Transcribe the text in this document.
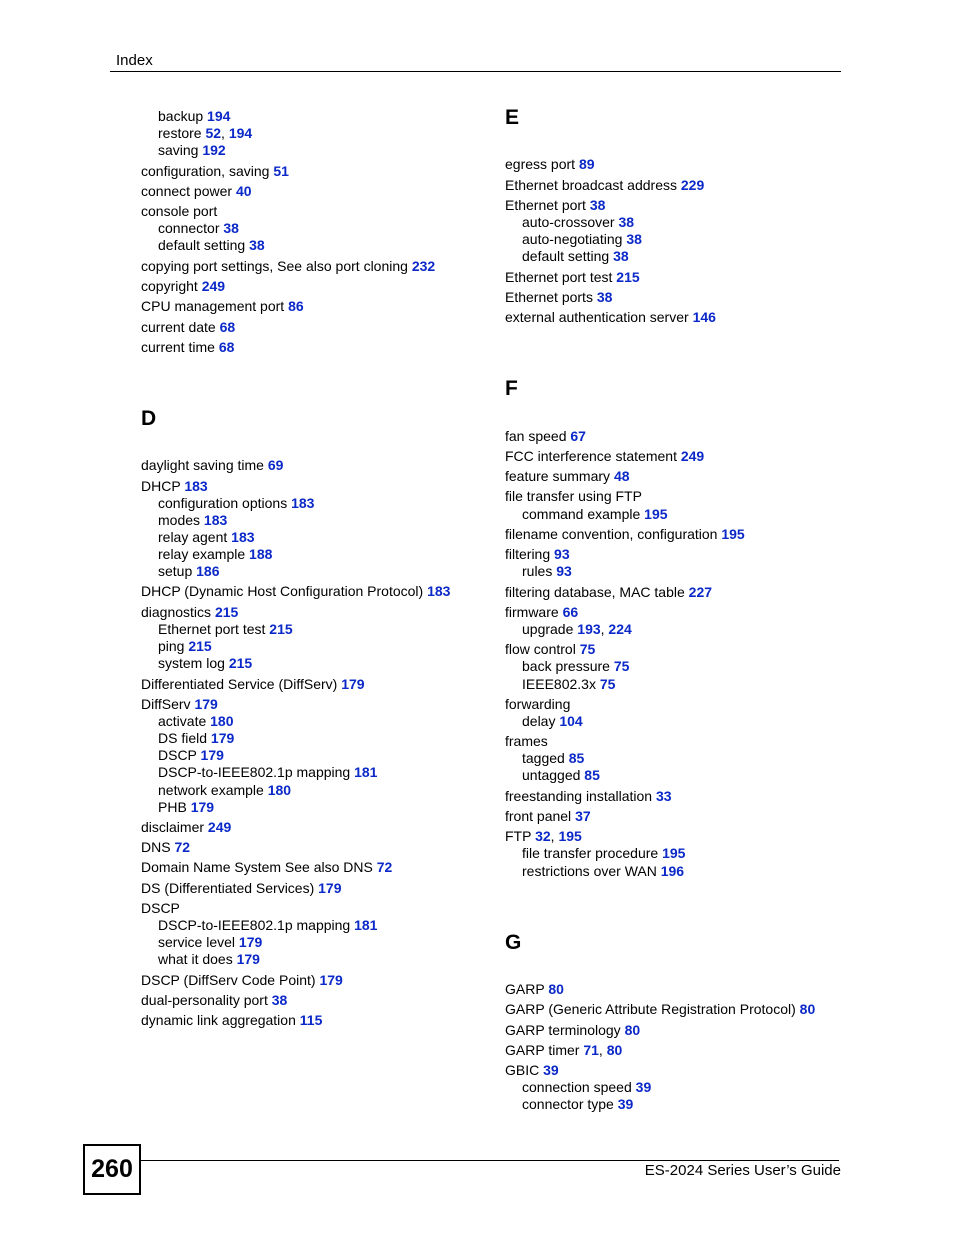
Index
backup 194
restore 52, 194
saving 192
configuration, saving 51
connect power 40
console port
connector 38
default setting 38
copying port settings, See also port cloning 232
copyright 249
CPU management port 86
current date 68
current time 68
D
daylight saving time 69
DHCP 183
configuration options 183
modes 183
relay agent 183
relay example 188
setup 186
DHCP (Dynamic Host Configuration Protocol) 183
diagnostics 215
Ethernet port test 215
ping 215
system log 215
Differentiated Service (DiffServ) 179
DiffServ 179
activate 180
DS field 179
DSCP 179
DSCP-to-IEEE802.1p mapping 181
network example 180
PHB 179
disclaimer 249
DNS 72
Domain Name System See also DNS 72
DS (Differentiated Services) 179
DSCP
DSCP-to-IEEE802.1p mapping 181
service level 179
what it does 179
DSCP (DiffServ Code Point) 179
dual-personality port 38
dynamic link aggregation 115
E
egress port 89
Ethernet broadcast address 229
Ethernet port 38
auto-crossover 38
auto-negotiating 38
default setting 38
Ethernet port test 215
Ethernet ports 38
external authentication server 146
F
fan speed 67
FCC interference statement 249
feature summary 48
file transfer using FTP
command example 195
filename convention, configuration 195
filtering 93
rules 93
filtering database, MAC table 227
firmware 66
upgrade 193, 224
flow control 75
back pressure 75
IEEE802.3x 75
forwarding
delay 104
frames
tagged 85
untagged 85
freestanding installation 33
front panel 37
FTP 32, 195
file transfer procedure 195
restrictions over WAN 196
G
GARP 80
GARP (Generic Attribute Registration Protocol) 80
GARP terminology 80
GARP timer 71, 80
GBIC 39
connection speed 39
connector type 39
260	ES-2024 Series User’s Guide
